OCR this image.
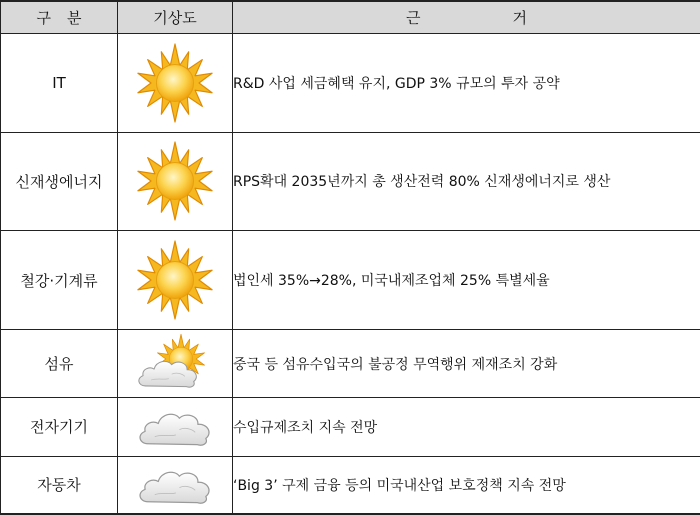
구 분	기상도	근 거
IT		R&D 사업 세금혜택 유지, GDP 3% 규모의 투자 공약
신재생에너지		RPS확대 2035년까지 총 생산전력 80% 신재생에너지로 생산
철강·기계류		법인세 35%→28%, 미국내제조업체 25% 특별세율
섬유		중국 등 섬유수입국의 불공정 무역행위 제재조치 강화
전자기기		수입규제조치 지속 전망
자동차		‘Big 3’ 구제 금융 등의 미국내산업 보호정책 지속 전망
